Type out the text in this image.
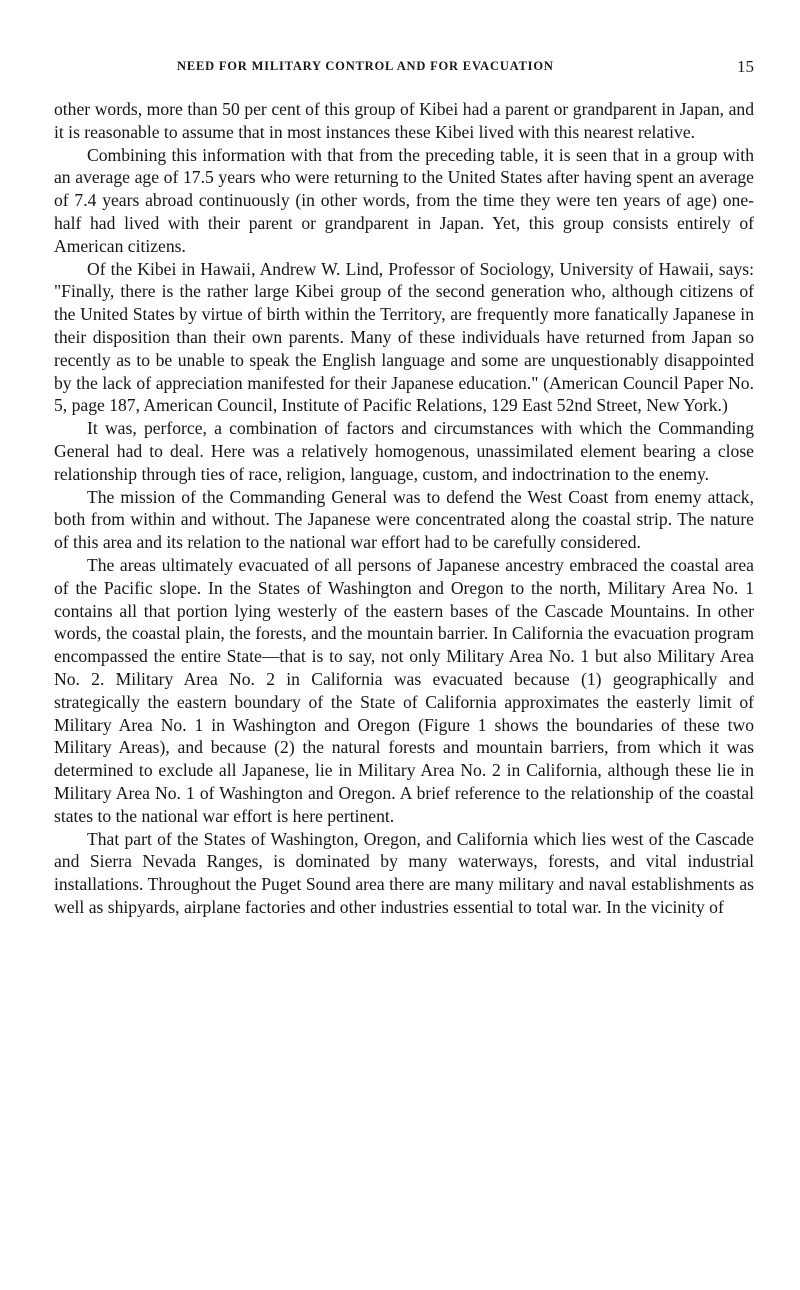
NEED FOR MILITARY CONTROL AND FOR EVACUATION	15

other words, more than 50 per cent of this group of Kibei had a parent or grandparent in Japan, and it is reasonable to assume that in most instances these Kibei lived with this nearest relative.

Combining this information with that from the preceding table, it is seen that in a group with an average age of 17.5 years who were returning to the United States after having spent an average of 7.4 years abroad continuously (in other words, from the time they were ten years of age) one-half had lived with their parent or grandparent in Japan. Yet, this group consists entirely of American citizens.

Of the Kibei in Hawaii, Andrew W. Lind, Professor of Sociology, University of Hawaii, says: "Finally, there is the rather large Kibei group of the second generation who, although citizens of the United States by virtue of birth within the Territory, are frequently more fanatically Japanese in their disposition than their own parents. Many of these individuals have returned from Japan so recently as to be unable to speak the English language and some are unquestionably disappointed by the lack of appreciation manifested for their Japanese education." (American Council Paper No. 5, page 187, American Council, Institute of Pacific Relations, 129 East 52nd Street, New York.)

It was, perforce, a combination of factors and circumstances with which the Commanding General had to deal. Here was a relatively homogenous, unassimilated element bearing a close relationship through ties of race, religion, language, custom, and indoctrination to the enemy.

The mission of the Commanding General was to defend the West Coast from enemy attack, both from within and without. The Japanese were concentrated along the coastal strip. The nature of this area and its relation to the national war effort had to be carefully considered.

The areas ultimately evacuated of all persons of Japanese ancestry embraced the coastal area of the Pacific slope. In the States of Washington and Oregon to the north, Military Area No. 1 contains all that portion lying westerly of the eastern bases of the Cascade Mountains. In other words, the coastal plain, the forests, and the mountain barrier. In California the evacuation program encompassed the entire State—that is to say, not only Military Area No. 1 but also Military Area No. 2. Military Area No. 2 in California was evacuated because (1) geographically and strategically the eastern boundary of the State of California approximates the easterly limit of Military Area No. 1 in Washington and Oregon (Figure 1 shows the boundaries of these two Military Areas), and because (2) the natural forests and mountain barriers, from which it was determined to exclude all Japanese, lie in Military Area No. 2 in California, although these lie in Military Area No. 1 of Washington and Oregon. A brief reference to the relationship of the coastal states to the national war effort is here pertinent.

That part of the States of Washington, Oregon, and California which lies west of the Cascade and Sierra Nevada Ranges, is dominated by many waterways, forests, and vital industrial installations. Throughout the Puget Sound area there are many military and naval establishments as well as shipyards, airplane factories and other industries essential to total war. In the vicinity of
